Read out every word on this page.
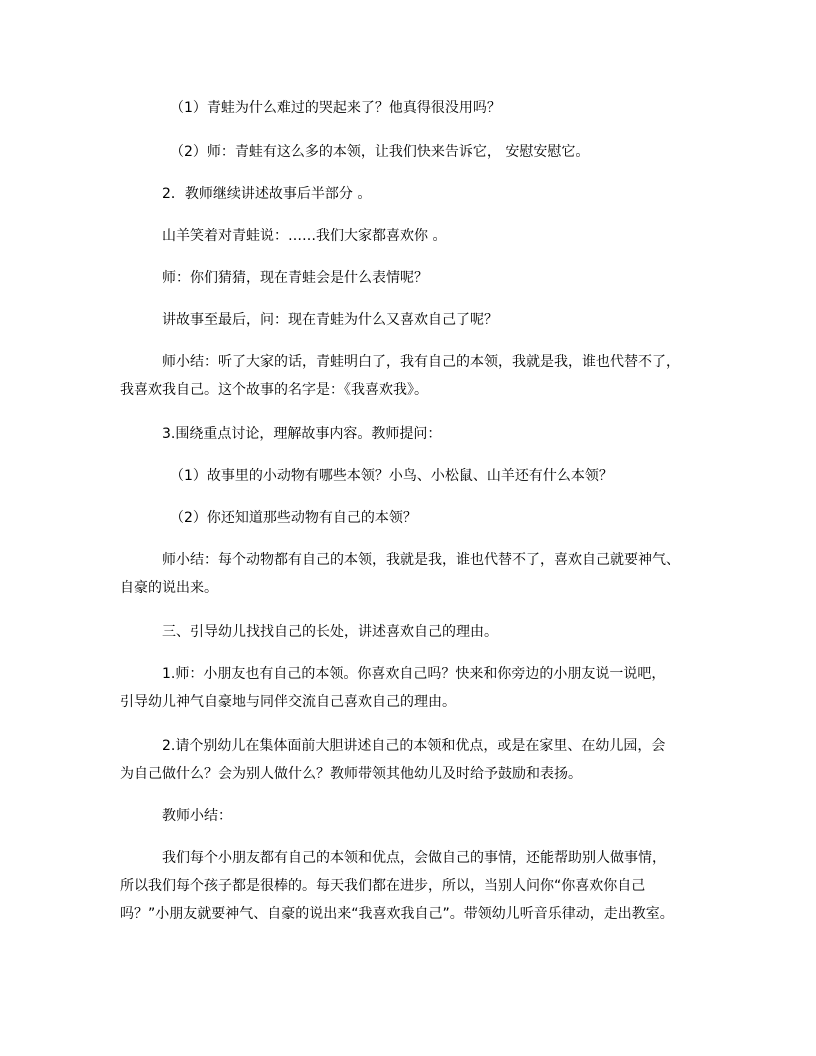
（1）青蛙为什么难过的哭起来了？他真得很没用吗？
（2）师：青蛙有这么多的本领，让我们快来告诉它， 安慰安慰它。
2．教师继续讲述故事后半部分 。
山羊笑着对青蛙说：……我们大家都喜欢你 。
师：你们猜猜，现在青蛙会是什么表情呢？
讲故事至最后，问：现在青蛙为什么又喜欢自己了呢？
师小结：听了大家的话，青蛙明白了，我有自己的本领，我就是我，谁也代替不了，
我喜欢我自己。这个故事的名字是：《我喜欢我》。
3.围绕重点讨论，理解故事内容。教师提问：
（1）故事里的小动物有哪些本领？小鸟、小松鼠、山羊还有什么本领？
（2）你还知道那些动物有自己的本领？
师小结：每个动物都有自己的本领，我就是我，谁也代替不了，喜欢自己就要神气、
自豪的说出来。
三、引导幼儿找找自己的长处，讲述喜欢自己的理由。
1.师：小朋友也有自己的本领。你喜欢自己吗？快来和你旁边的小朋友说一说吧，
引导幼儿神气自豪地与同伴交流自己喜欢自己的理由。
2.请个别幼儿在集体面前大胆讲述自己的本领和优点，或是在家里、在幼儿园，会
为自己做什么？会为别人做什么？教师带领其他幼儿及时给予鼓励和表扬。
教师小结：
我们每个小朋友都有自己的本领和优点，会做自己的事情，还能帮助别人做事情，
所以我们每个孩子都是很棒的。每天我们都在进步，所以，当别人问你“你喜欢你自己
吗？”小朋友就要神气、自豪的说出来“我喜欢我自己”。带领幼儿听音乐律动，走出教室。
